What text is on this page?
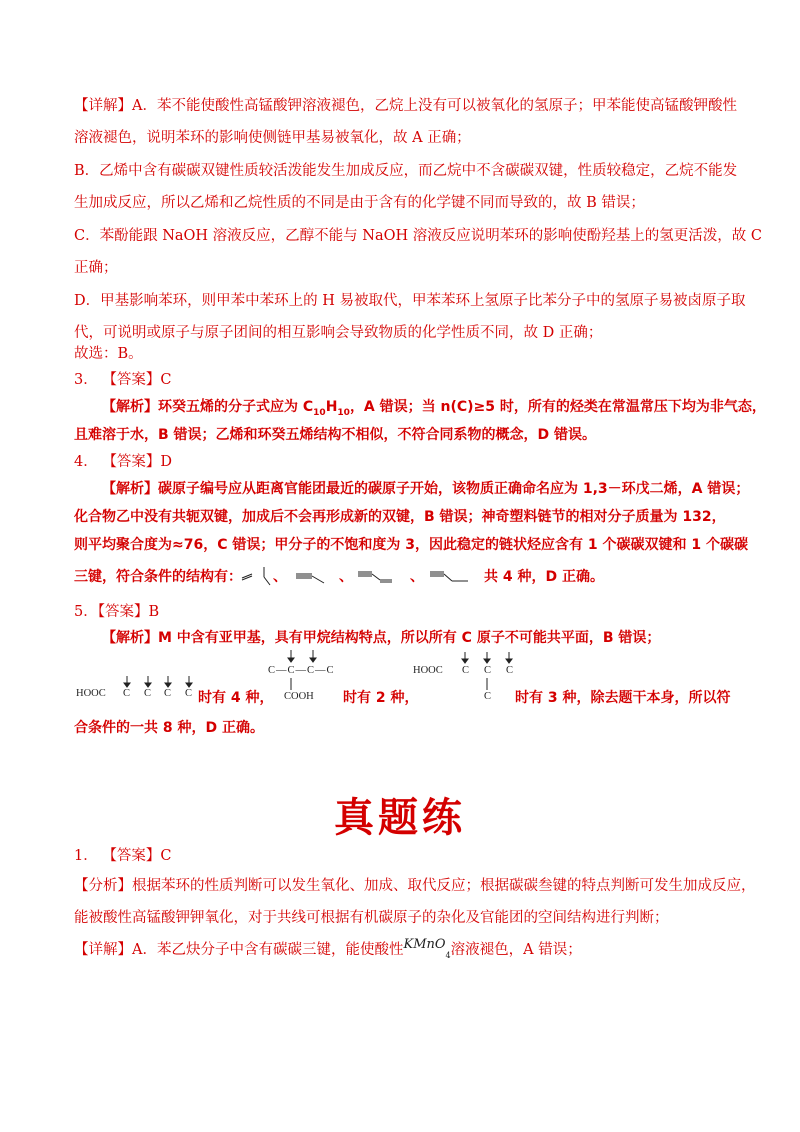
【详解】A．苯不能使酸性高锰酸钾溶液褪色，乙烷上没有可以被氧化的氢原子；甲苯能使高锰酸钾酸性
溶液褪色，说明苯环的影响使侧链甲基易被氧化，故 A 正确；
B．乙烯中含有碳碳双键性质较活泼能发生加成反应，而乙烷中不含碳碳双键，性质较稳定，乙烷不能发
生加成反应，所以乙烯和乙烷性质的不同是由于含有的化学键不同而导致的，故 B 错误；
C．苯酚能跟 NaOH 溶液反应，乙醇不能与 NaOH 溶液反应说明苯环的影响使酚羟基上的氢更活泼，故 C
正确；
D．甲基影响苯环，则甲苯中苯环上的 H 易被取代，甲苯苯环上氢原子比苯分子中的氢原子易被卤原子取
代，可说明或原子与原子团间的相互影响会导致物质的化学性质不同，故 D 正确；
故选：B。
3． 【答案】C
【解析】环癸五烯的分子式应为 $C_{10}H_{10}$，A 错误；当 n(C)≥5 时，所有的烃类在常温常压下均为非气态，
且难溶于水，B 错误；乙烯和环癸五烯结构不相似，不符合同系物的概念，D 错误。
4． 【答案】D
【解析】碳原子编号应从距离官能团最近的碳原子开始，该物质正确命名应为 1,3－环戊二烯，A 错误；
化合物乙中没有共轭双键，加成后不会再形成新的双键，B 错误；神奇塑料链节的相对分子质量为 132，
则平均聚合度为≈76，C 错误；甲分子的不饱和度为 3，因此稳定的链状烃应含有 1 个碳碳双键和 1 个碳碳
三键，符合条件的结构有： 、	、	、	共 4 种，D 正确。
5．【答案】B
【解析】M 中含有亚甲基，具有甲烷结构特点，所以所有 C 原子不可能共平面，B 错误；
HOOC C C C C 时有 4 种，
C—C—C—C
COOH 时有 2 种，
HOOC C C C
C 时有 3 种，除去题干本身，所以符
合条件的一共 8 种，D 正确。
真题练
1． 【答案】C
【分析】根据苯环的性质判断可以发生氧化、加成、取代反应；根据碳碳叁键的特点判断可发生加成反应，
能被酸性高锰酸钾钾氧化，对于共线可根据有机碳原子的杂化及官能团的空间结构进行判断；
【详解】A．苯乙炔分子中含有碳碳三键，能使酸性KMnO$_4$溶液褪色，A 错误；
